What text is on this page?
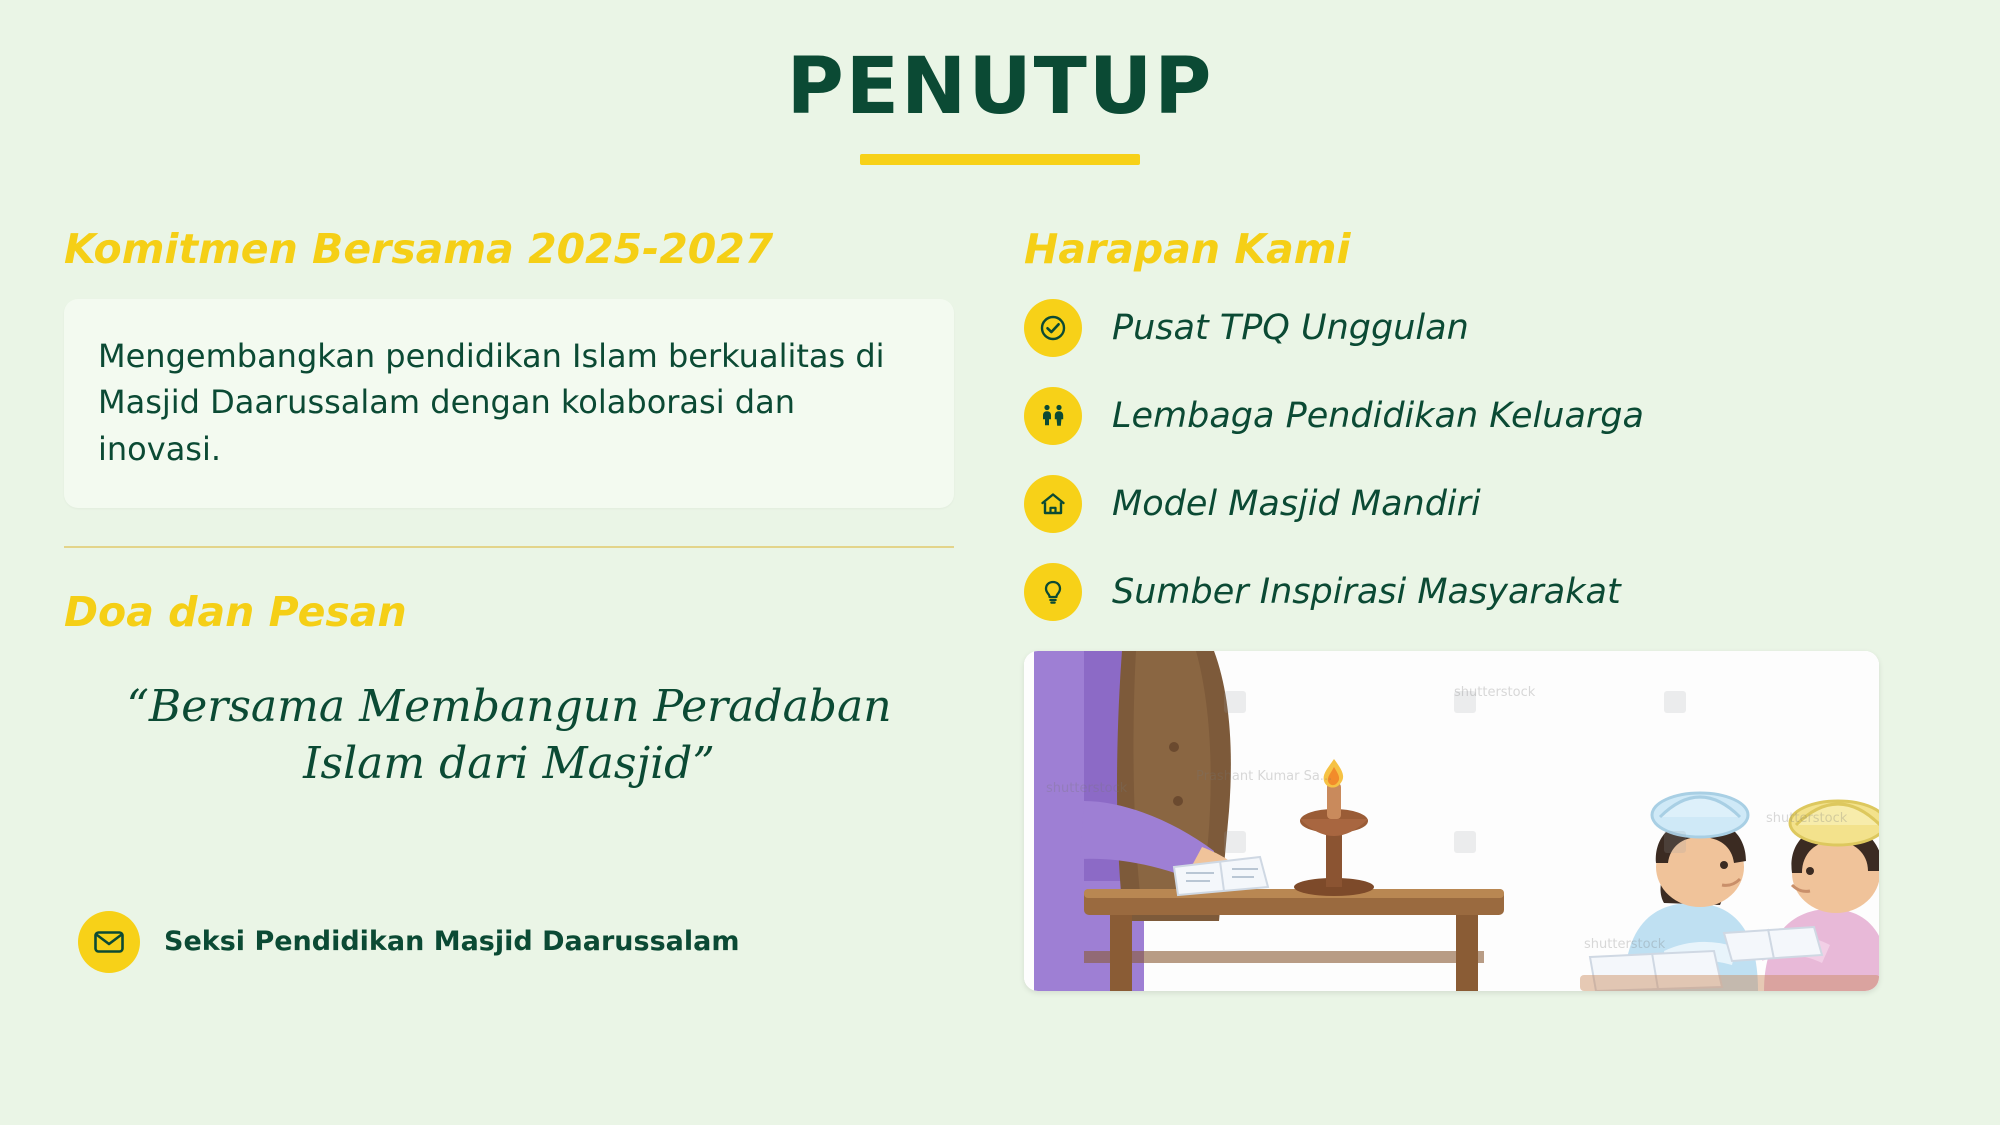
PENUTUP
Komitmen Bersama 2025-2027
Mengembangkan pendidikan Islam berkualitas di Masjid Daarussalam dengan kolaborasi dan inovasi.
Doa dan Pesan
“Bersama Membangun Peradaban Islam dari Masjid”
Seksi Pendidikan Masjid Daarussalam
Harapan Kami
Pusat TPQ Unggulan
Lembaga Pendidikan Keluarga
Model Masjid Mandiri
Sumber Inspirasi Masyarakat
shutterstock
Prashant Kumar Sa...
shutterstock
shutterstock
shutterstock
